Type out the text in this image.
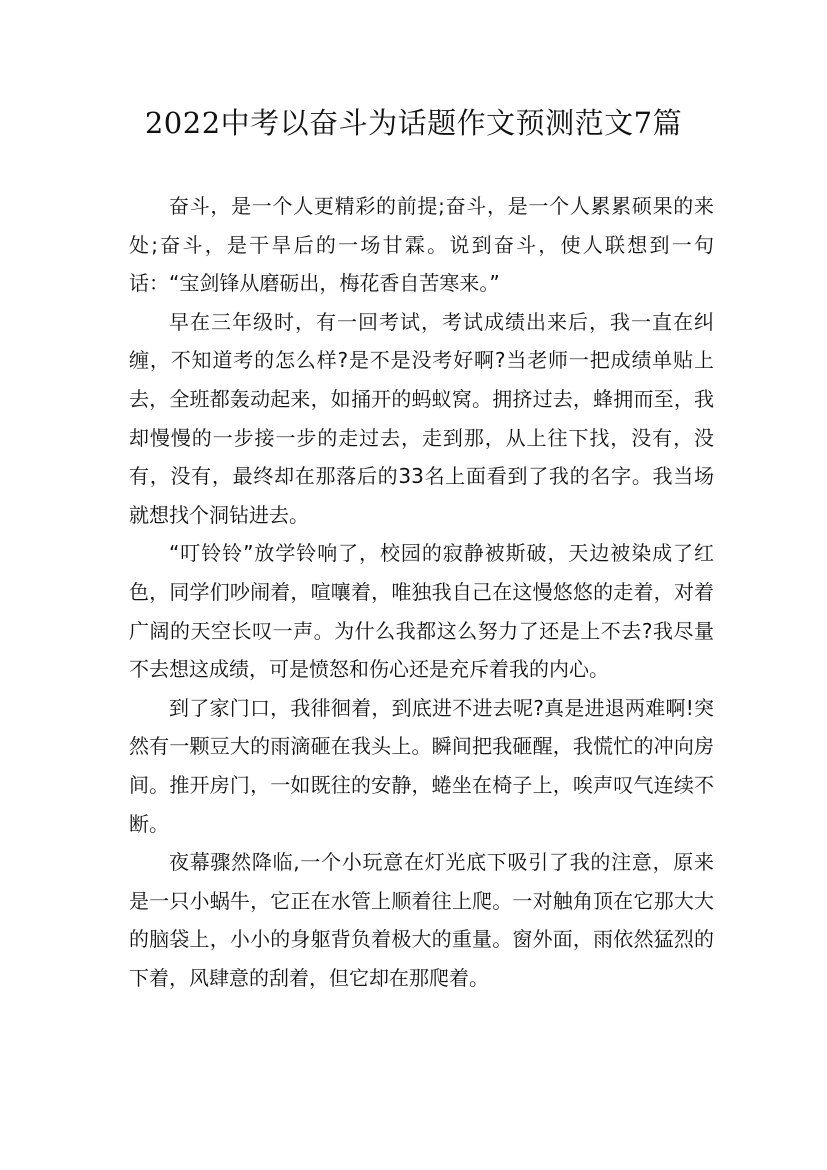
2022中考以奋斗为话题作文预测范文7篇

奋斗，是一个人更精彩的前提;奋斗，是一个人累累硕果的来处;奋斗，是干旱后的一场甘霖。说到奋斗，使人联想到一句话：“宝剑锋从磨砺出，梅花香自苦寒来。”

早在三年级时，有一回考试，考试成绩出来后，我一直在纠缠，不知道考的怎么样?是不是没考好啊?当老师一把成绩单贴上去，全班都轰动起来，如捅开的蚂蚁窝。拥挤过去，蜂拥而至，我却慢慢的一步接一步的走过去，走到那，从上往下找，没有，没有，没有，最终却在那落后的33名上面看到了我的名字。我当场就想找个洞钻进去。

“叮铃铃”放学铃响了，校园的寂静被斯破，天边被染成了红色，同学们吵闹着，喧嚷着，唯独我自己在这慢悠悠的走着，对着广阔的天空长叹一声。为什么我都这么努力了还是上不去?我尽量不去想这成绩，可是愤怒和伤心还是充斥着我的内心。

到了家门口，我徘徊着，到底进不进去呢?真是进退两难啊!突然有一颗豆大的雨滴砸在我头上。瞬间把我砸醒，我慌忙的冲向房间。推开房门，一如既往的安静，蜷坐在椅子上，唉声叹气连续不断。

夜幕骤然降临,一个小玩意在灯光底下吸引了我的注意，原来是一只小蜗牛，它正在水管上顺着往上爬。一对触角顶在它那大大的脑袋上，小小的身躯背负着极大的重量。窗外面，雨依然猛烈的下着，风肆意的刮着，但它却在那爬着。
